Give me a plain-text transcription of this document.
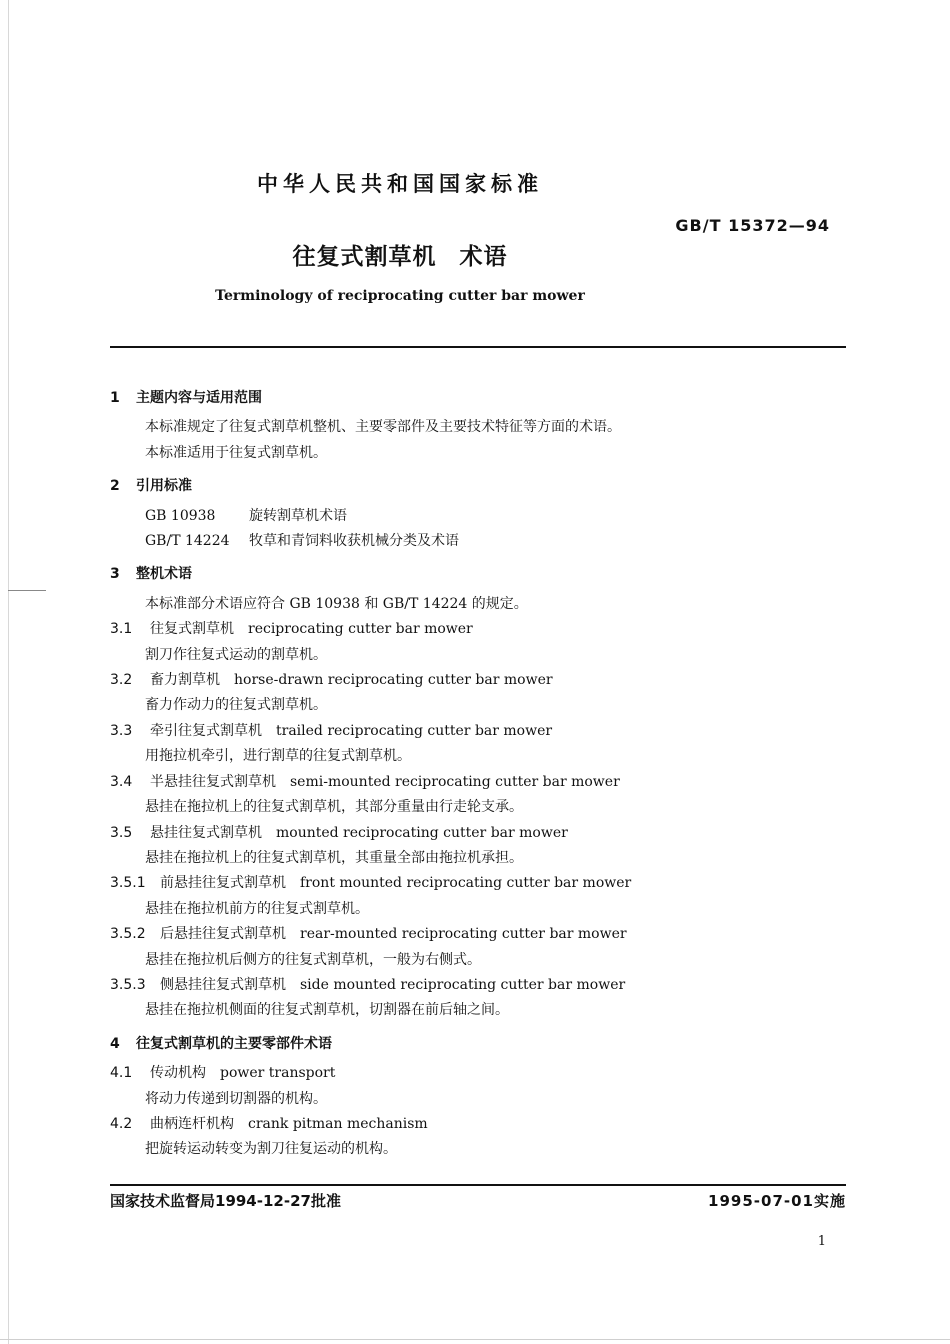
中华人民共和国国家标准
GB/T 15372—94
往复式割草机 术语
Terminology of reciprocating cutter bar mower
1 主题内容与适用范围
本标准规定了往复式割草机整机、主要零部件及主要技术特征等方面的术语。
本标准适用于往复式割草机。
2 引用标准
GB 10938 旋转割草机术语
GB/T 14224 牧草和青饲料收获机械分类及术语
3 整机术语
本标准部分术语应符合 GB 10938 和 GB/T 14224 的规定。
3.1 往复式割草机 reciprocating cutter bar mower
割刀作往复式运动的割草机。
3.2 畜力割草机 horse-drawn reciprocating cutter bar mower
畜力作动力的往复式割草机。
3.3 牵引往复式割草机 trailed reciprocating cutter bar mower
用拖拉机牵引，进行割草的往复式割草机。
3.4 半悬挂往复式割草机 semi-mounted reciprocating cutter bar mower
悬挂在拖拉机上的往复式割草机，其部分重量由行走轮支承。
3.5 悬挂往复式割草机 mounted reciprocating cutter bar mower
悬挂在拖拉机上的往复式割草机，其重量全部由拖拉机承担。
3.5.1 前悬挂往复式割草机 front mounted reciprocating cutter bar mower
悬挂在拖拉机前方的往复式割草机。
3.5.2 后悬挂往复式割草机 rear-mounted reciprocating cutter bar mower
悬挂在拖拉机后侧方的往复式割草机，一般为右侧式。
3.5.3 侧悬挂往复式割草机 side mounted reciprocating cutter bar mower
悬挂在拖拉机侧面的往复式割草机，切割器在前后轴之间。
4 往复式割草机的主要零部件术语
4.1 传动机构 power transport
将动力传递到切割器的机构。
4.2 曲柄连杆机构 crank pitman mechanism
把旋转运动转变为割刀往复运动的机构。
国家技术监督局1994-12-27批准	1995-07-01实施
1
